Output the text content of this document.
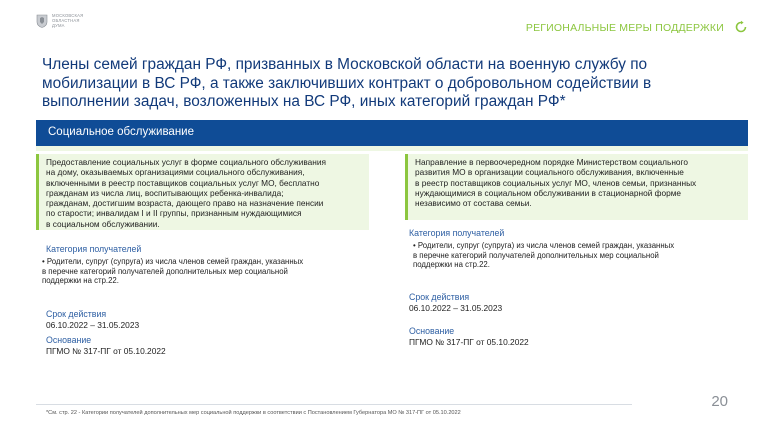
МОСКОВСКАЯ
ОБЛАСТНАЯ
ДУМА	РЕГИОНАЛЬНЫЕ МЕРЫ ПОДДЕРЖКИ
Члены семей граждан РФ, призванных в Московской области на военную службу по мобилизации в ВС РФ, а также заключивших контракт о добровольном содействии в выполнении задач, возложенных на ВС РФ, иных категорий граждан РФ*
Социальное обслуживание
Предоставление социальных услуг в форме социального обслуживания
на дому, оказываемых организациями социального обслуживания,
включенными в реестр поставщиков социальных услуг МО, бесплатно
гражданам из числа лиц, воспитывающих ребенка-инвалида;
гражданам, достигшим возраста, дающего право на назначение пенсии
по старости; инвалидам I и II группы, признанным нуждающимися
в социальном обслуживании.
Категория получателей
• Родители, супруг (супруга) из числа членов семей граждан, указанных
в перечне категорий получателей дополнительных мер социальной
поддержки на стр.22.
Срок действия
06.10.2022 – 31.05.2023
Основание
ПГМО № 317-ПГ от 05.10.2022
Направление в первоочередном порядке Министерством социального
развития МО в организации социального обслуживания, включенные
в реестр поставщиков социальных услуг МО, членов семьи, признанных
нуждающимися в социальном обслуживании в стационарной форме
независимо от состава семьи.
Категория получателей
• Родители, супруг (супруга) из числа членов семей граждан, указанных
в перечне категорий получателей дополнительных мер социальной
поддержки на стр.22.
Срок действия
06.10.2022 – 31.05.2023
Основание
ПГМО № 317-ПГ от 05.10.2022
20
*См. стр. 22 - Категории получателей дополнительных мер социальной поддержки в соответствии с Постановлением Губернатора МО № 317-ПГ от 05.10.2022
